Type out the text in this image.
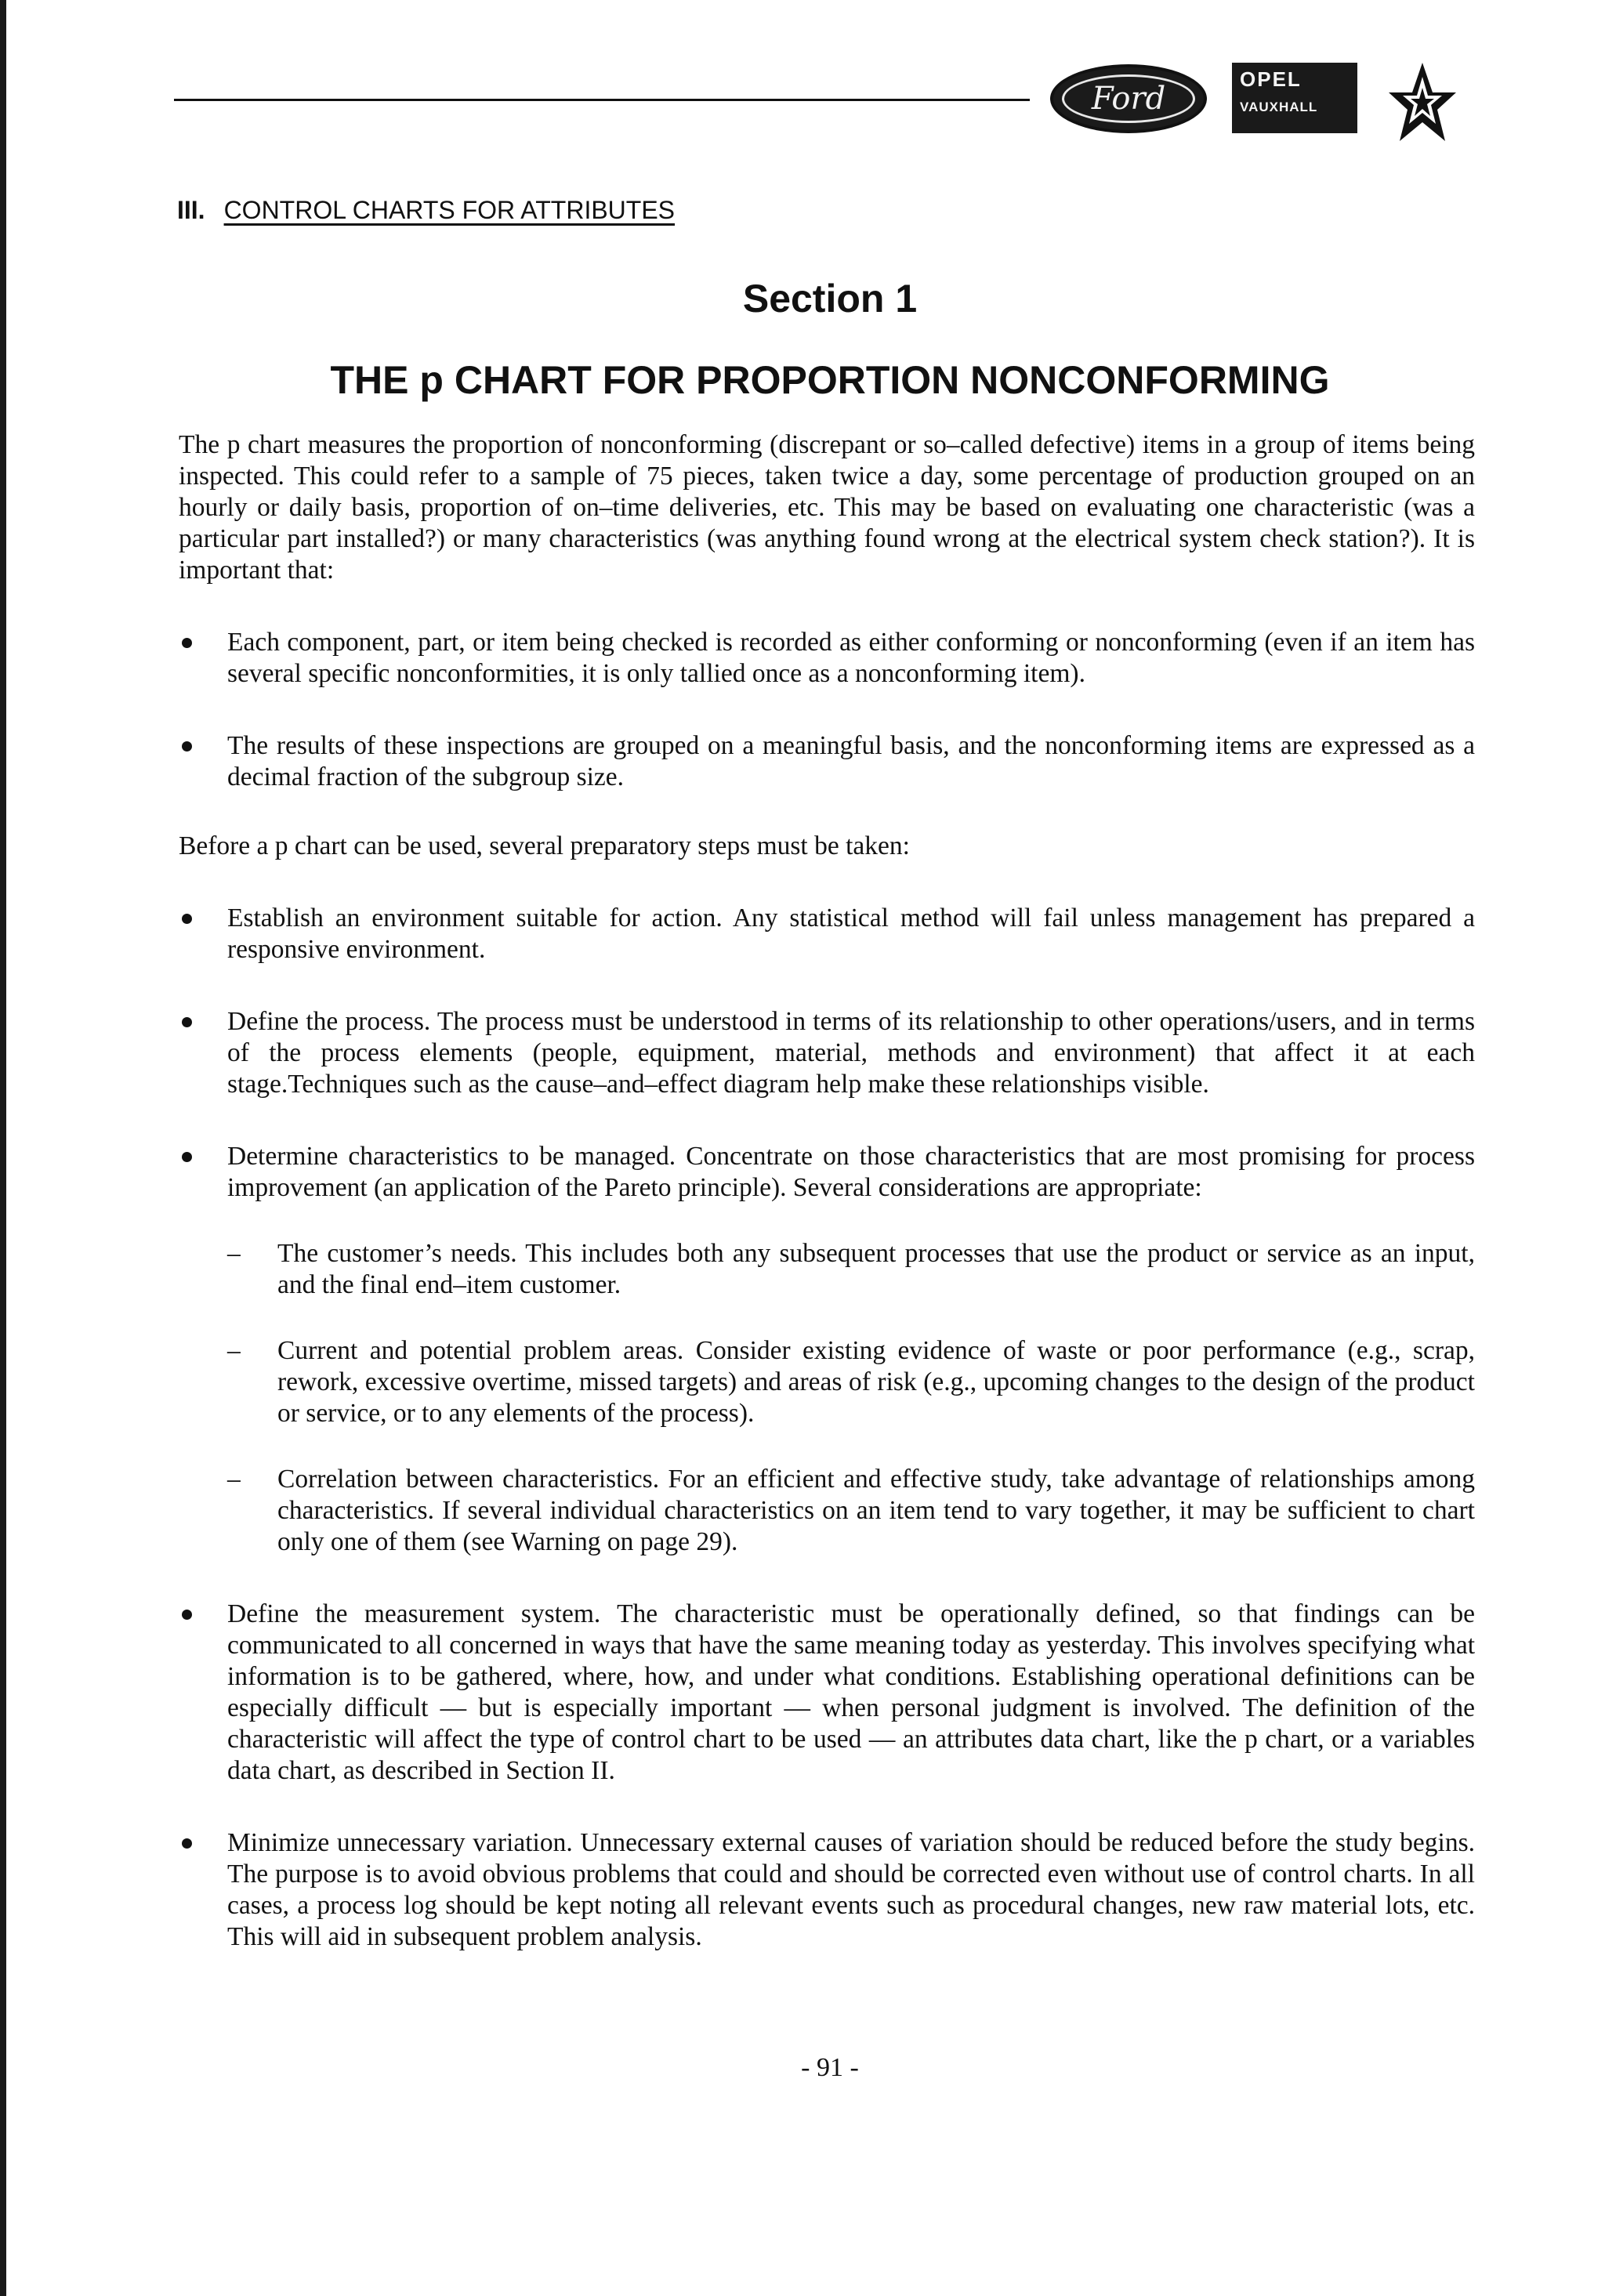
Ford
OPEL
VAUXHALL
III. CONTROL CHARTS FOR ATTRIBUTES
Section 1
THE p CHART FOR PROPORTION NONCONFORMING

The p chart measures the proportion of nonconforming (discrepant or so–called defective) items in a group of items being inspected. This could refer to a sample of 75 pieces, taken twice a day, some percentage of production grouped on an hourly or daily basis, proportion of on–time deliveries, etc. This may be based on evaluating one characteristic (was a particular part installed?) or many characteristics (was anything found wrong at the electrical system check station?). It is important that:

Each component, part, or item being checked is recorded as either conforming or nonconforming (even if an item has several specific nonconformities, it is only tallied once as a nonconforming item).
The results of these inspections are grouped on a meaningful basis, and the nonconforming items are expressed as a decimal fraction of the subgroup size.

Before a p chart can be used, several preparatory steps must be taken:

Establish an environment suitable for action. Any statistical method will fail unless management has prepared a responsive environment.
Define the process. The process must be understood in terms of its relationship to other operations/users, and in terms of the process elements (people, equipment, material, methods and environment) that affect it at each stage.Techniques such as the cause–and–effect diagram help make these relationships visible.
Determine characteristics to be managed. Concentrate on those characteristics that are most promising for process improvement (an application of the Pareto principle). Several considerations are appropriate:
– The customer’s needs. This includes both any subsequent processes that use the product or service as an input, and the final end–item customer.
– Current and potential problem areas. Consider existing evidence of waste or poor performance (e.g., scrap, rework, excessive overtime, missed targets) and areas of risk (e.g., upcoming changes to the design of the product or service, or to any elements of the process).
– Correlation between characteristics. For an efficient and effective study, take advantage of relationships among characteristics. If several individual characteristics on an item tend to vary together, it may be sufficient to chart only one of them (see Warning on page 29).
Define the measurement system. The characteristic must be operationally defined, so that findings can be communicated to all concerned in ways that have the same meaning today as yesterday. This involves specifying what information is to be gathered, where, how, and under what conditions. Establishing operational definitions can be especially difficult — but is especially important — when personal judgment is involved. The definition of the characteristic will affect the type of control chart to be used — an attributes data chart, like the p chart, or a variables data chart, as described in Section II.
Minimize unnecessary variation. Unnecessary external causes of variation should be reduced before the study begins. The purpose is to avoid obvious problems that could and should be corrected even without use of control charts. In all cases, a process log should be kept noting all relevant events such as procedural changes, new raw material lots, etc. This will aid in subsequent problem analysis.
- 91 -
